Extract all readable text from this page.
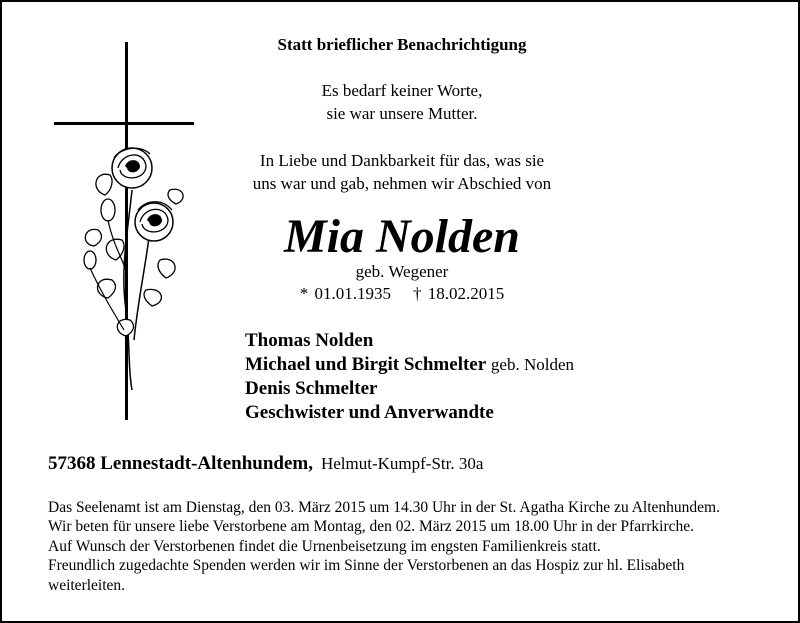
Statt brieflicher Benachrichtigung
Es bedarf keiner Worte,
sie war unsere Mutter.
In Liebe und Dankbarkeit für das, was sie
uns war und gab, nehmen wir Abschied von
Mia Nolden
geb. Wegener
* 01.01.1935 † 18.02.2015
Thomas Nolden
Michael und Birgit Schmelter geb. Nolden
Denis Schmelter
Geschwister und Anverwandte
57368 Lennestadt-Altenhundem, Helmut-Kumpf-Str. 30a
Das Seelenamt ist am Dienstag, den 03. März 2015 um 14.30 Uhr in der St. Agatha Kirche zu Altenhundem.
Wir beten für unsere liebe Verstorbene am Montag, den 02. März 2015 um 18.00 Uhr in der Pfarrkirche.
Auf Wunsch der Verstorbenen findet die Urnenbeisetzung im engsten Familienkreis statt.
Freundlich zugedachte Spenden werden wir im Sinne der Verstorbenen an das Hospiz zur hl. Elisabeth
weiterleiten.
